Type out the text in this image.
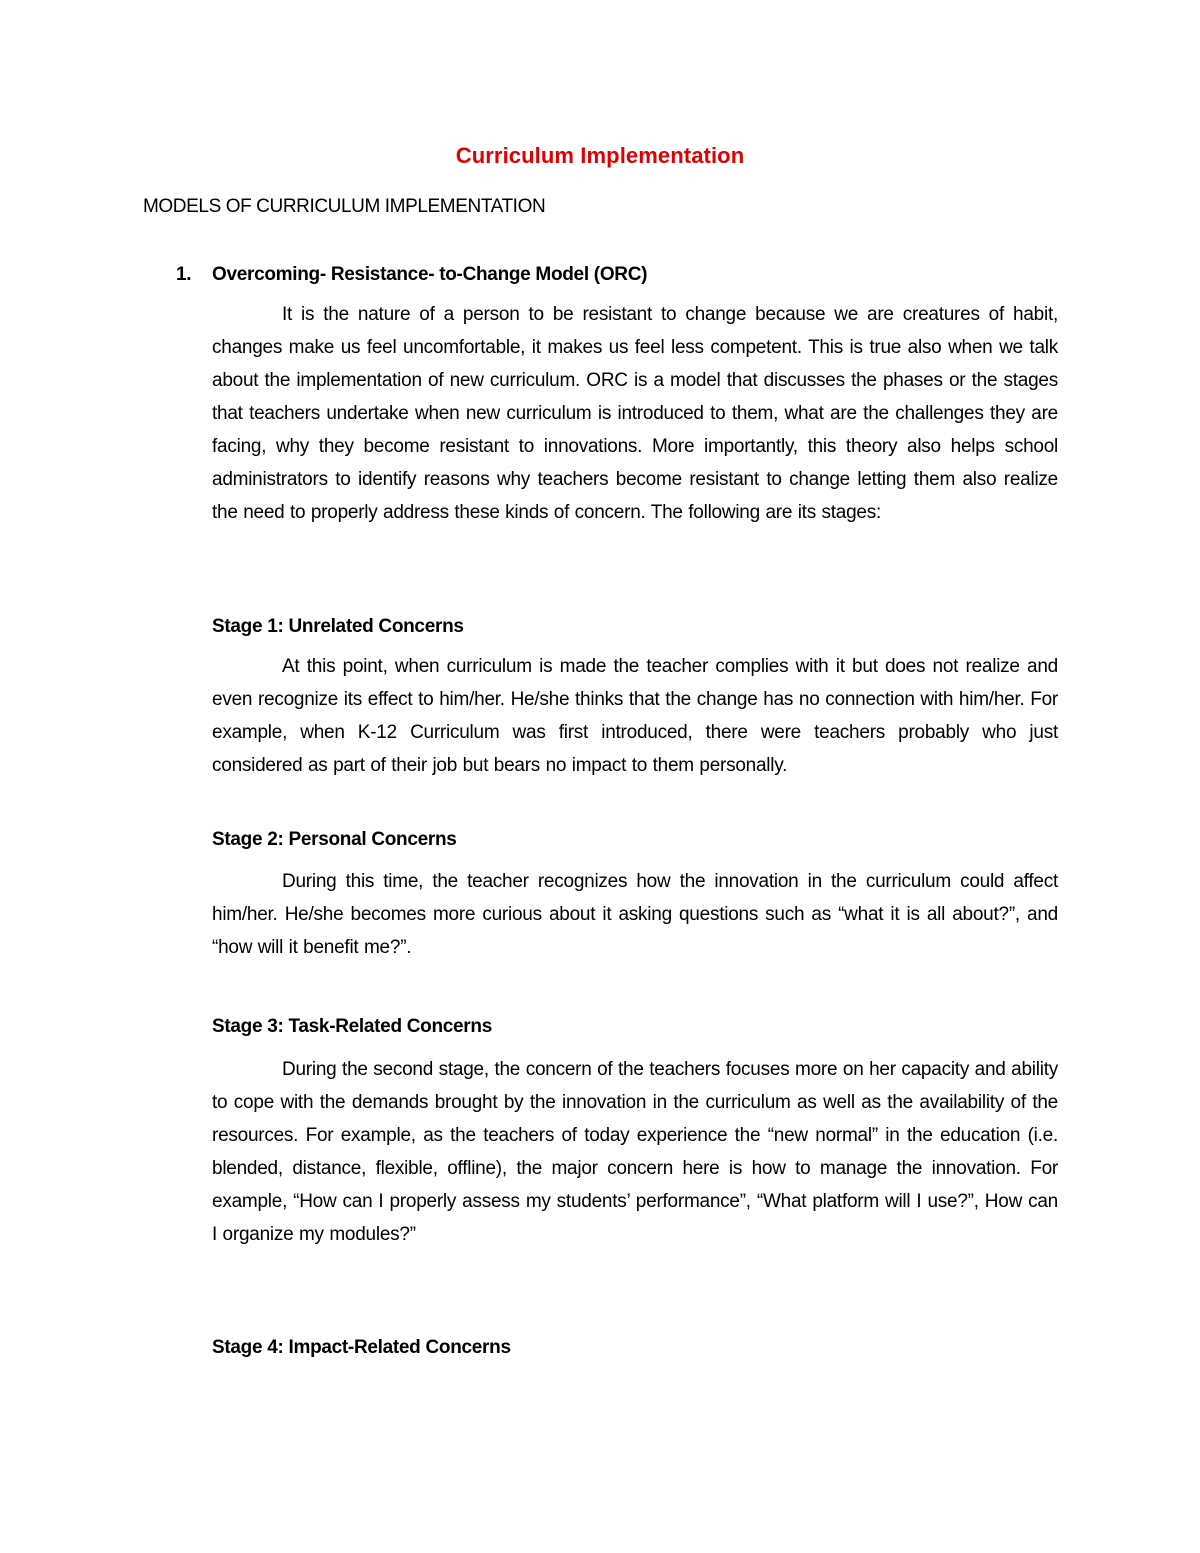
Curriculum Implementation
MODELS OF CURRICULUM IMPLEMENTATION
1. Overcoming- Resistance- to-Change Model (ORC)

It is the nature of a person to be resistant to change because we are creatures of habit, changes make us feel uncomfortable, it makes us feel less competent. This is true also when we talk about the implementation of new curriculum. ORC is a model that discusses the phases or the stages that teachers undertake when new curriculum is introduced to them, what are the challenges they are facing, why they become resistant to innovations. More importantly, this theory also helps school administrators to identify reasons why teachers become resistant to change letting them also realize the need to properly address these kinds of concern. The following are its stages:

Stage 1: Unrelated Concerns

At this point, when curriculum is made the teacher complies with it but does not realize and even recognize its effect to him/her. He/she thinks that the change has no connection with him/her. For example, when K-12 Curriculum was first introduced, there were teachers probably who just considered as part of their job but bears no impact to them personally.

Stage 2: Personal Concerns

During this time, the teacher recognizes how the innovation in the curriculum could affect him/her. He/she becomes more curious about it asking questions such as “what it is all about?”, and “how will it benefit me?”.

Stage 3: Task-Related Concerns

During the second stage, the concern of the teachers focuses more on her capacity and ability to cope with the demands brought by the innovation in the curriculum as well as the availability of the resources. For example, as the teachers of today experience the “new normal” in the education (i.e. blended, distance, flexible, offline), the major concern here is how to manage the innovation. For example, “How can I properly assess my students’ performance”, “What platform will I use?”, How can I organize my modules?”

Stage 4: Impact-Related Concerns
